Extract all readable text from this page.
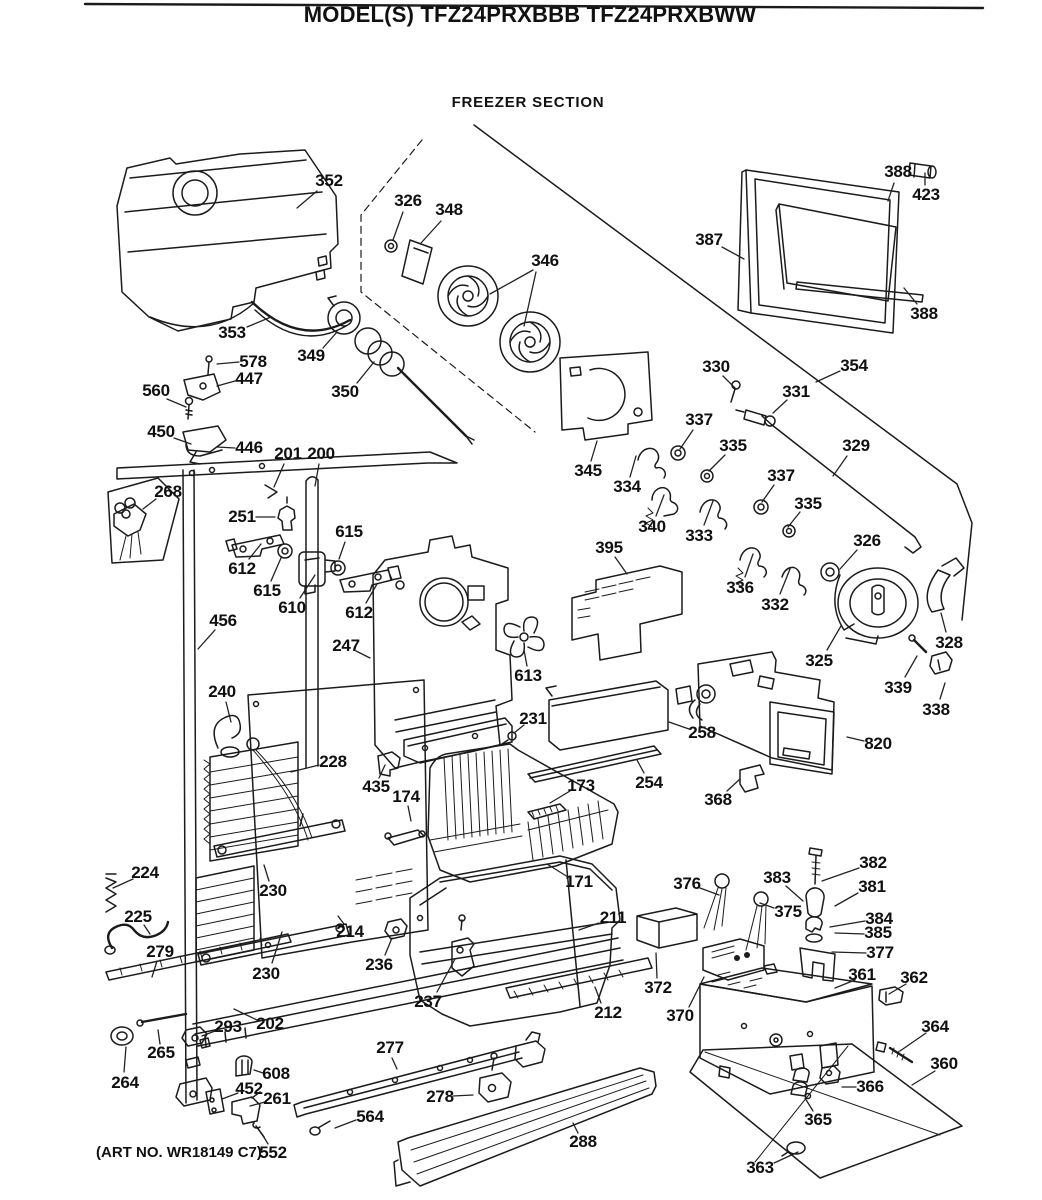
MODEL(S) TFZ24PRXBBB TFZ24PRXBWW
FREEZER SECTION
(ART NO. WR18149 C7)
352
326 348
346
353
349
350
578
447
560
450
446
388
423
387
388
330	354
331
337
335	329
345
334
340 333
337
335
336
332
326
325
328
339
338
395
268
201 200
251
612
615
610
615
612
456
247
613
240
231
258
254
820
368
228
435
174
173
171
224
225
279
230
230
214
236
211
212
237
372
370
376
375
383
382
381
384
385
377
361 362
364
360
366
365
363
202
293
265
264	608
452
261
552
564
277
278
288
